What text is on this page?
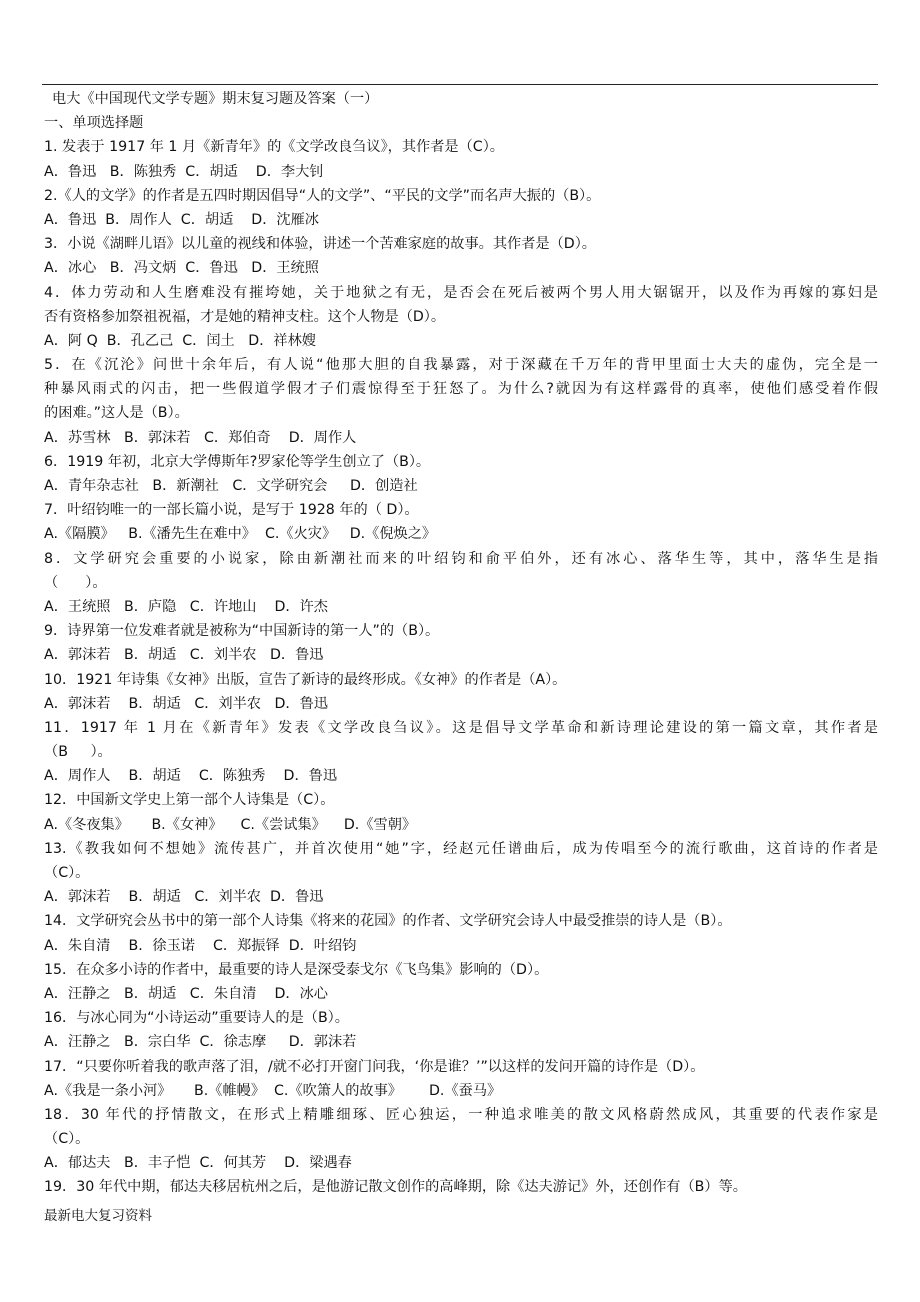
电大《中国现代文学专题》期末复习题及答案（一）
一、单项选择题
1. 发表于 1917 年 1 月《新青年》的《文学改良刍议》，其作者是（C）。
A．鲁迅   B．陈独秀  C．胡适    D．李大钊
2.《人的文学》的作者是五四时期因倡导“人的文学”、“平民的文学”而名声大振的（B）。
A．鲁迅  B．周作人  C．胡适    D．沈雁冰
3．小说《湖畔儿语》以儿童的视线和体验，讲述一个苦难家庭的故事。其作者是（D）。
A．冰心   B．冯文炳  C．鲁迅   D．王统照
4．体力劳动和人生磨难没有摧垮她，关于地狱之有无，是否会在死后被两个男人用大锯锯开，以及作为再嫁的寡妇是
否有资格参加祭祖祝福，才是她的精神支柱。这个人物是（D）。
A．阿 Q  B．孔乙己  C．闰土   D．祥林嫂
5．在《沉沦》问世十余年后，有人说“他那大胆的自我暴露，对于深藏在千万年的背甲里面士大夫的虚伪，完全是一
种暴风雨式的闪击，把一些假道学假才子们震惊得至于狂怒了。为什么?就因为有这样露骨的真率，使他们感受着作假
的困难。”这人是（B）。
A．苏雪林   B．郭沫若   C．郑伯奇    D．周作人
6．1919 年初，北京大学傅斯年?罗家伦等学生创立了（B）。
A．青年杂志社   B．新潮社   C．文学研究会     D．创造社
7．叶绍钧唯一的一部长篇小说，是写于 1928 年的（ D）。
A.《隔膜》   B.《潘先生在难中》  C.《火灾》   D.《倪焕之》
8．文学研究会重要的小说家，除由新潮社而来的叶绍钧和俞平伯外，还有冰心、落华生等，其中，落华生是指
（      ）。
A．王统照   B．庐隐   C．许地山    D．许杰
9．诗界第一位发难者就是被称为“中国新诗的第一人”的（B）。
A．郭沫若   B．胡适   C．刘半农   D．鲁迅
10．1921 年诗集《女神》出版，宣告了新诗的最终形成。《女神》的作者是（A）。
A．郭沫若    B．胡适   C．刘半农   D．鲁迅
11．1917 年 1 月在《新青年》发表《文学改良刍议》。这是倡导文学革命和新诗理论建设的第一篇文章，其作者是
（B     ）。
A．周作人    B．胡适    C．陈独秀    D．鲁迅
12．中国新文学史上第一部个人诗集是（C）。
A.《冬夜集》     B.《女神》    C.《尝试集》    D.《雪朝》
13.《教我如何不想她》流传甚广，并首次使用“她”字，经赵元任谱曲后，成为传唱至今的流行歌曲，这首诗的作者是
（C）。
A．郭沫若    B．胡适   C．刘半农  D．鲁迅
14．文学研究会丛书中的第一部个人诗集《将来的花园》的作者、文学研究会诗人中最受推崇的诗人是（B）。
A．朱自清    B．徐玉诺    C．郑振铎  D．叶绍钧
15．在众多小诗的作者中，最重要的诗人是深受泰戈尔《飞鸟集》影响的（D）。
A．汪静之   B．胡适   C．朱自清    D．冰心
16．与冰心同为“小诗运动”重要诗人的是（B）。
A．汪静之   B．宗白华  C．徐志摩     D．郭沫若
17．“只要你听着我的歌声落了泪，/就不必打开窗门问我，‘你是谁？’”以这样的发问开篇的诗作是（D）。
A.《我是一条小河》     B.《帷幔》  C.《吹箫人的故事》      D.《蚕马》
18．30 年代的抒情散文，在形式上精雕细琢、匠心独运，一种追求唯美的散文风格蔚然成风，其重要的代表作家是
（C）。
A．郁达夫   B．丰子恺  C．何其芳    D．梁遇春
19．30 年代中期，郁达夫移居杭州之后，是他游记散文创作的高峰期，除《达夫游记》外，还创作有（B）等。
最新电大复习资料
